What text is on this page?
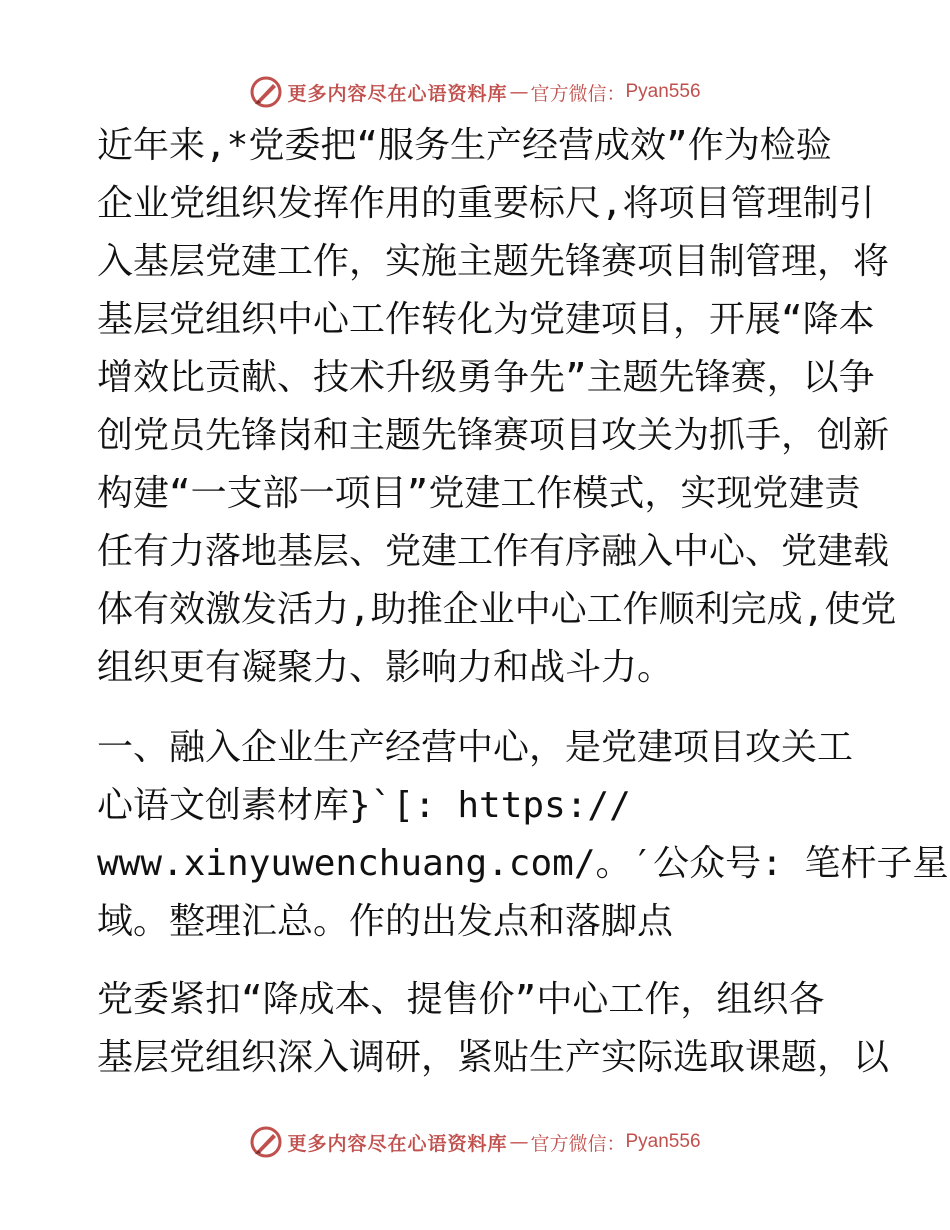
更多内容尽在心语资料库 — 官方微信： Pyan556
近年来,*党委把“服务生产经营成效”作为检验
企业党组织发挥作用的重要标尺,将项目管理制引
入基层党建工作，实施主题先锋赛项目制管理，将
基层党组织中心工作转化为党建项目，开展“降本
增效比贡献、技术升级勇争先”主题先锋赛，以争
创党员先锋岗和主题先锋赛项目攻关为抓手，创新
构建“一支部一项目”党建工作模式，实现党建责
任有力落地基层、党建工作有序融入中心、党建载
体有效激发活力,助推企业中心工作顺利完成,使党
组织更有凝聚力、影响力和战斗力。
一、融入企业生产经营中心，是党建项目攻关工
心语文创素材库}`[: https://
www.xinyuwenchuang.com/。′公众号: 笔杆子星
域。整理汇总。作的出发点和落脚点
党委紧扣“降成本、提售价”中心工作，组织各
基层党组织深入调研，紧贴生产实际选取课题，以
更多内容尽在心语资料库 — 官方微信： Pyan556
